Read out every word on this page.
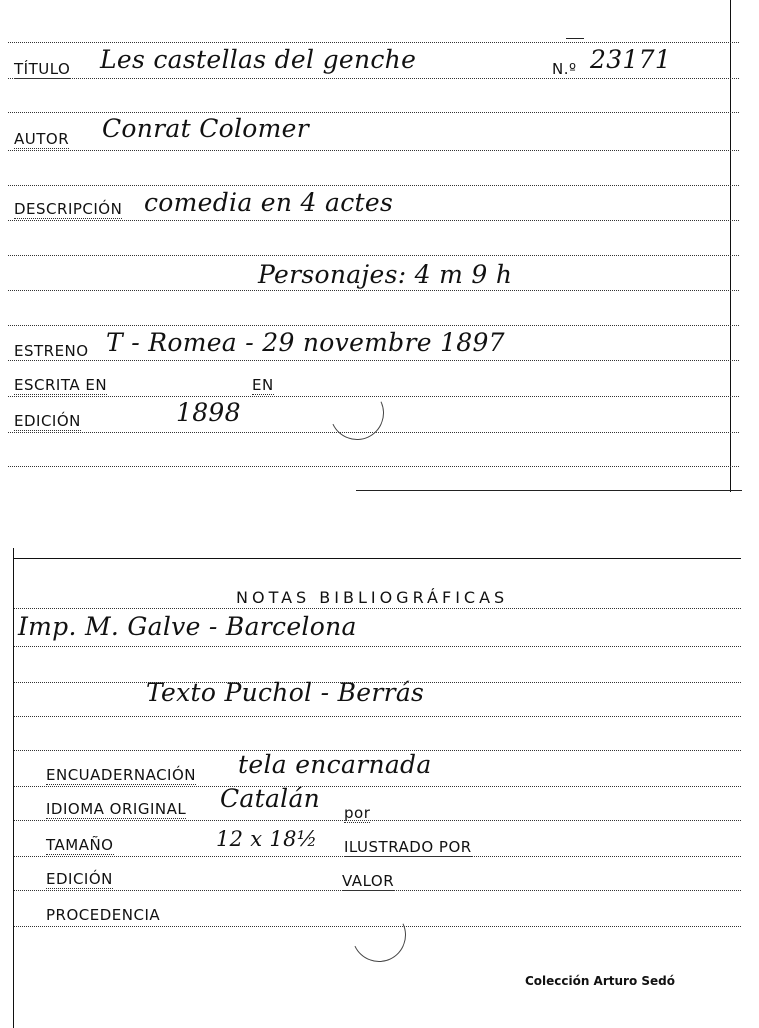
TÍTULO Les castellas del genche	N.º 23171
AUTOR Conrat Colomer
DESCRIPCIÓN comedia en 4 actes
Personajes: 4 m 9 h
ESTRENO T - Romea - 29 novembre 1897
ESCRITA EN	EN
EDICIÓN	1898
NOTAS BIBLIOGRÁFICAS
Imp. M. Galve - Barcelona
Texto Puchol - Berrás
ENCUADERNACIÓN tela encarnada
IDIOMA ORIGINAL Catalán por
TAMAÑO	12 x 18½ ILUSTRADO POR
EDICIÓN	VALOR
PROCEDENCIA
Colección Arturo Sedó
